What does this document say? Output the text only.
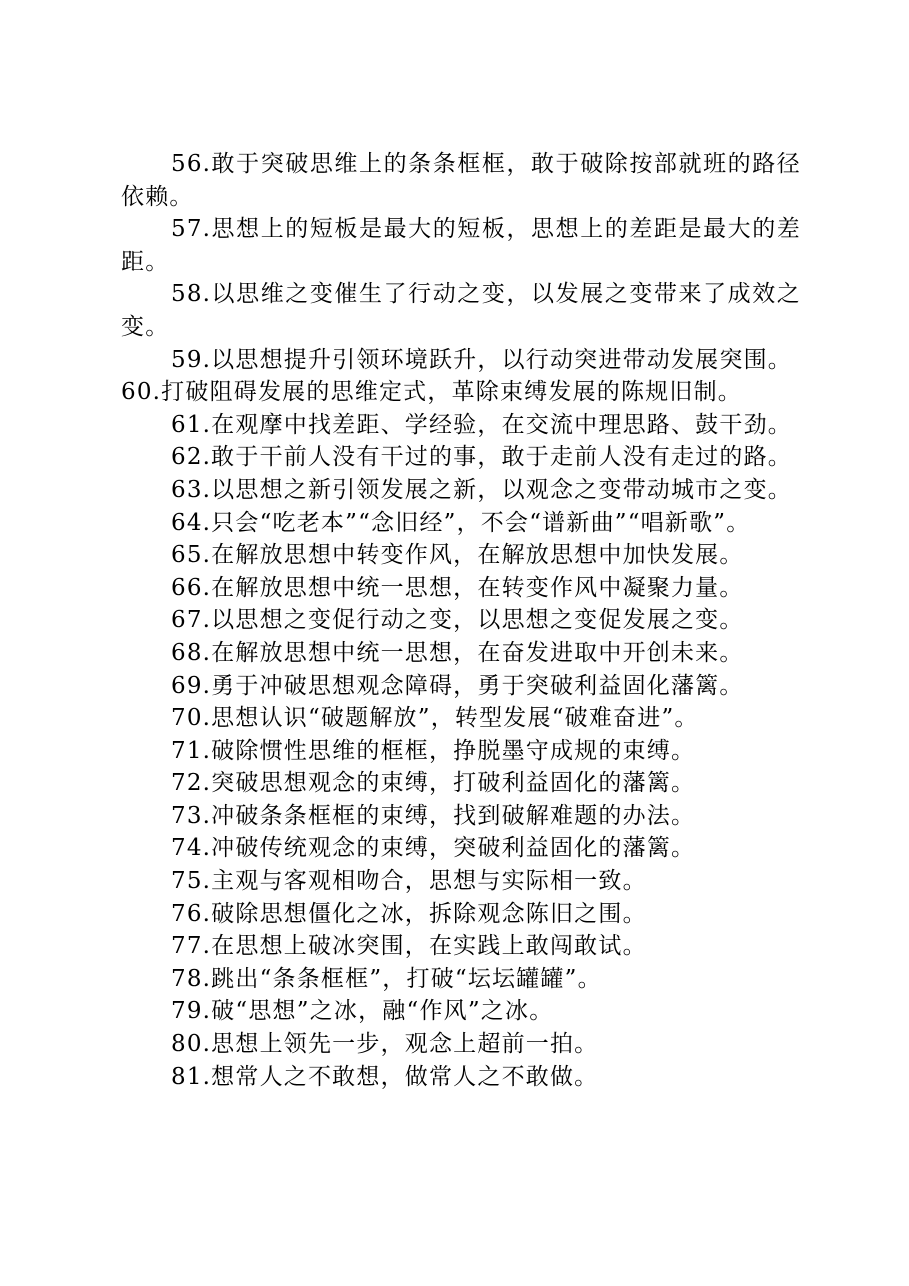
56.敢于突破思维上的条条框框，敢于破除按部就班的路径依赖。

57.思想上的短板是最大的短板，思想上的差距是最大的差距。

58.以思维之变催生了行动之变，以发展之变带来了成效之变。

59.以思想提升引领环境跃升，以行动突进带动发展突围。

60.打破阻碍发展的思维定式，革除束缚发展的陈规旧制。

61.在观摩中找差距、学经验，在交流中理思路、鼓干劲。

62.敢于干前人没有干过的事，敢于走前人没有走过的路。

63.以思想之新引领发展之新，以观念之变带动城市之变。

64.只会“吃老本”“念旧经”，不会“谱新曲”“唱新歌”。

65.在解放思想中转变作风，在解放思想中加快发展。

66.在解放思想中统一思想，在转变作风中凝聚力量。

67.以思想之变促行动之变，以思想之变促发展之变。

68.在解放思想中统一思想，在奋发进取中开创未来。

69.勇于冲破思想观念障碍，勇于突破利益固化藩篱。

70.思想认识“破题解放”，转型发展“破难奋进”。

71.破除惯性思维的框框，挣脱墨守成规的束缚。

72.突破思想观念的束缚，打破利益固化的藩篱。

73.冲破条条框框的束缚，找到破解难题的办法。

74.冲破传统观念的束缚，突破利益固化的藩篱。

75.主观与客观相吻合，思想与实际相一致。

76.破除思想僵化之冰，拆除观念陈旧之围。

77.在思想上破冰突围，在实践上敢闯敢试。

78.跳出“条条框框”，打破“坛坛罐罐”。

79.破“思想”之冰，融“作风”之冰。

80.思想上领先一步，观念上超前一拍。

81.想常人之不敢想，做常人之不敢做。
